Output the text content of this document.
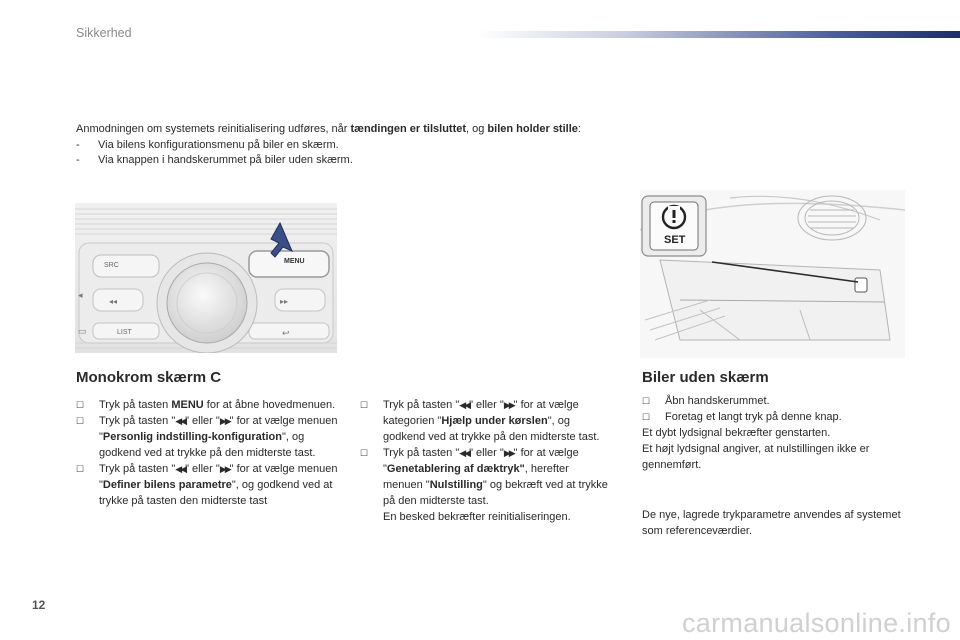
Sikkerhed
Anmodningen om systemets reinitialisering udføres, når tændingen er tilsluttet, og bilen holder stille:
- Via bilens konfigurationsmenu på biler en skærm.
- Via knappen i handskerummet på biler uden skærm.
◂
▭
▸▸
◂◂
↩
SRC
MENU
LIST
SET
Monokrom skærm C	Biler uden skærm
☐ Tryk på tasten MENU for at åbne hovedmenuen.
☐ Tryk på tasten "◀◀" eller "▶▶" for at vælge menuen "Personlig indstilling-konfiguration", og godkend ved at trykke på den midterste tast.
☐ Tryk på tasten "◀◀" eller "▶▶" for at vælge menuen "Definer bilens parametre", og godkend ved at trykke på tasten den midterste tast
☐ Tryk på tasten "◀◀" eller "▶▶" for at vælge kategorien "Hjælp under kørslen", og godkend ved at trykke på den midterste tast.
☐ Tryk på tasten "◀◀" eller "▶▶" for at vælge "Genetablering af dæktryk", herefter menuen "Nulstilling" og bekræft ved at trykke på den midterste tast.
En besked bekræfter reinitialiseringen.
☐ Åbn handskerummet.
☐ Foretag et langt tryk på denne knap.
Et dybt lydsignal bekræfter genstarten.
Et højt lydsignal angiver, at nulstillingen ikke er gennemført.
De nye, lagrede trykparametre anvendes af systemet som referenceværdier.
12
carmanualsonline.info
